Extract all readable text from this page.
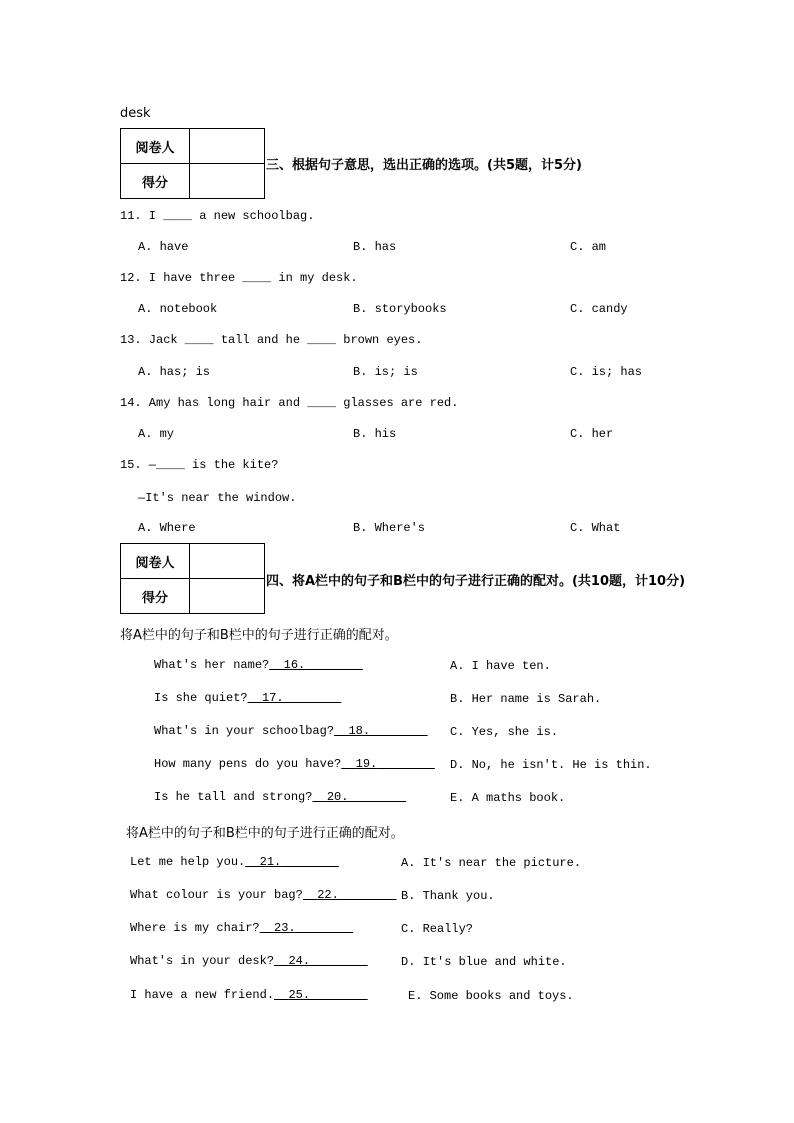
desk
阅卷人	
得分	
三、根据句子意思，选出正确的选项。(共5题，计5分)
11. I ____ a new schoolbag.
A. have	B. has	C. am
12. I have three ____ in my desk.
A. notebook	B. storybooks	C. candy
13. Jack ____ tall and he ____ brown eyes.
A. has; is	B. is; is	C. is; has
14. Amy has long hair and ____ glasses are red.
A. my	B. his	C. her
15. —____ is the kite?
—It's near the window.
A. Where	B. Where's	C. What
阅卷人	
得分	
四、将A栏中的句子和B栏中的句子进行正确的配对。(共10题，计10分)
将A栏中的句子和B栏中的句子进行正确的配对。
What's her name? 16.	A. I have ten.
Is she quiet? 17.	B. Her name is Sarah.
What's in your schoolbag? 18.	C. Yes, she is.
How many pens do you have? 19.	D. No, he isn't. He is thin.
Is he tall and strong? 20.	E. A maths book.
将A栏中的句子和B栏中的句子进行正确的配对。
Let me help you. 21.	A. It's near the picture.
What colour is your bag? 22.	B. Thank you.
Where is my chair? 23.	C. Really?
What's in your desk? 24.	D. It's blue and white.
I have a new friend. 25.	E. Some books and toys.
